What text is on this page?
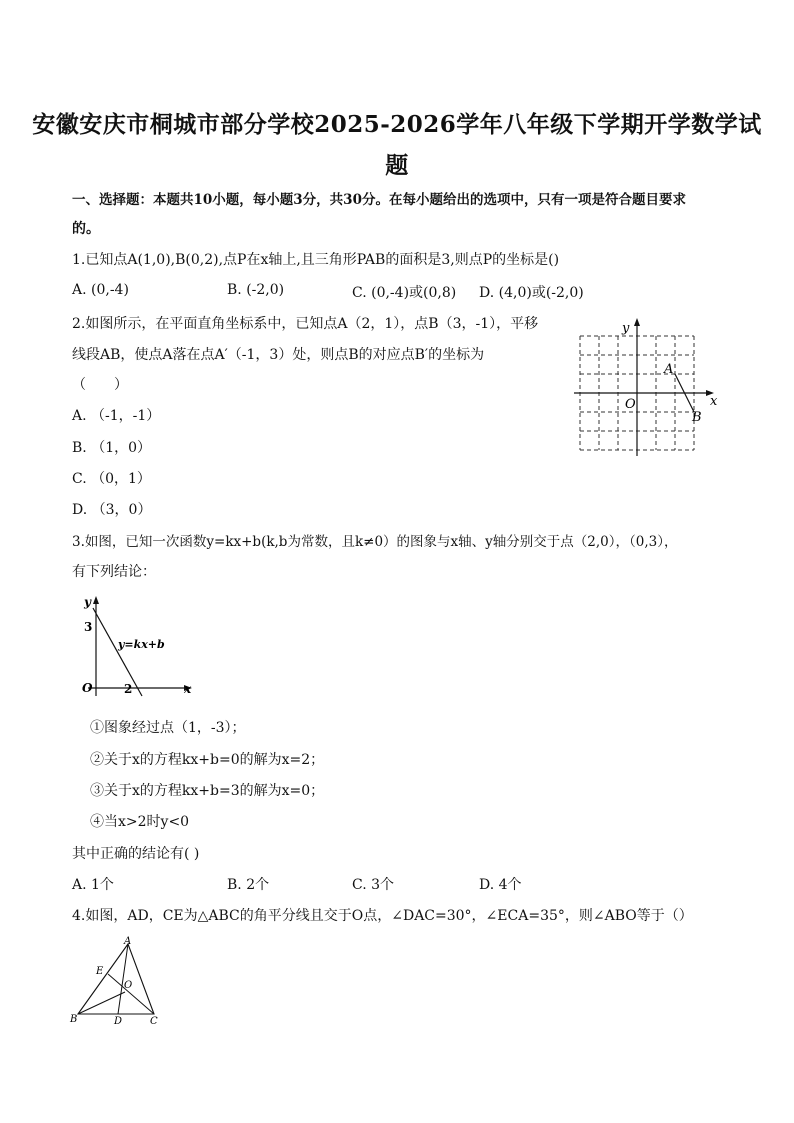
安徽安庆市桐城市部分学校2025-2026学年八年级下学期开学数学试
题
一、选择题：本题共10小题，每小题3分，共30分。在每小题给出的选项中，只有一项是符合题目要求
的。
1.已知点A(1,0),B(0,2),点P在x轴上,且三角形PAB的面积是3,则点P的坐标是()
A. (0,-4)	B. (-2,0)	C. (0,-4)或(0,8) D. (4,0)或(-2,0)
2.如图所示，在平面直角坐标系中，已知点A（2，1），点B（3，-1），平移
线段AB，使点A落在点A′（-1，3）处，则点B的对应点B′的坐标为
（　　）
A. （-1，-1）
B. （1，0）
C. （0，1）
D. （3，0）
y
x
O
A
B
3.如图，已知一次函数y=kx+b(k,b为常数，且k≠0）的图象与x轴、y轴分别交于点（2,0），（0,3），
有下列结论：
y
x
O
3
2
y=kx+b
①图象经过点（1，-3）；
②关于x的方程kx+b=0的解为x=2；
③关于x的方程kx+b=3的解为x=0；
④当x>2时y<0
其中正确的结论有( )
A. 1个	B. 2个	C. 3个	D. 4个
4.如图，AD，CE为△ABC的角平分线且交于O点，∠DAC=30°，∠ECA=35°，则∠ABO等于（）
A
E
O
B	D	C
